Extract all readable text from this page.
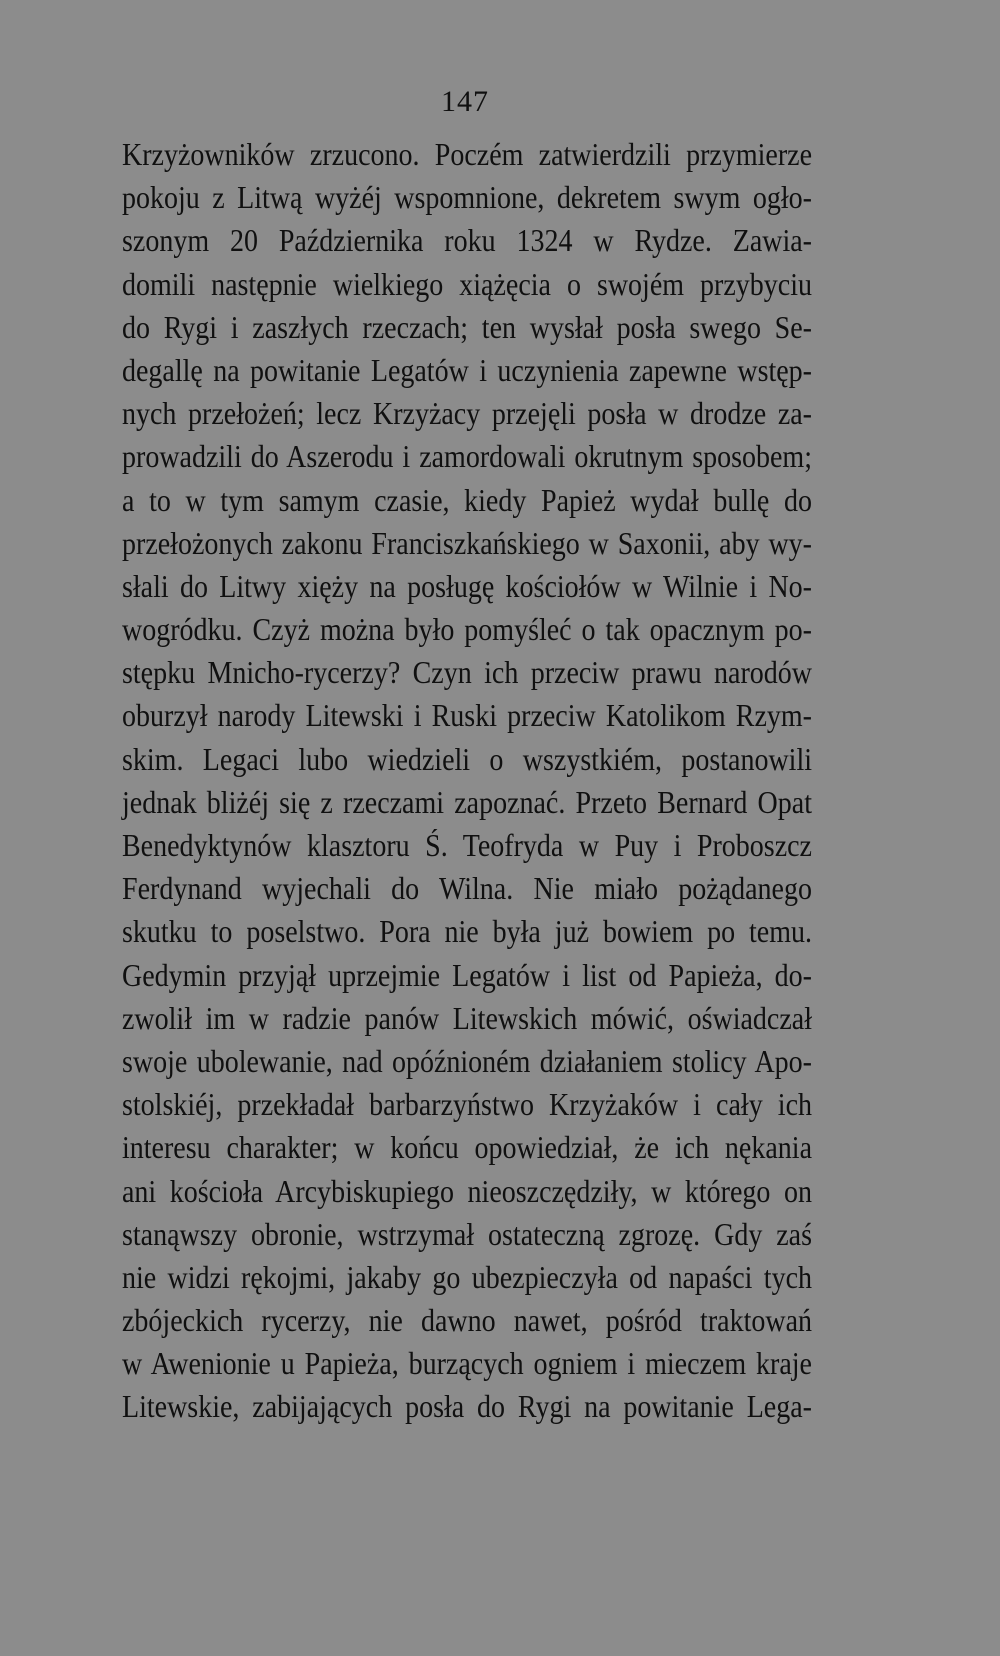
147
Krzyżowników zrzucono. Poczém zatwierdzili przymierze
pokoju z Litwą wyżéj wspomnione, dekretem swym ogło-
szonym 20 Października roku 1324 w Rydze. Zawia-
domili następnie wielkiego xiążęcia o swojém przybyciu
do Rygi i zaszłych rzeczach; ten wysłał posła swego Se-
degallę na powitanie Legatów i uczynienia zapewne wstęp-
nych przełożeń; lecz Krzyżacy przejęli posła w drodze za-
prowadzili do Aszerodu i zamordowali okrutnym sposobem;
a to w tym samym czasie, kiedy Papież wydał bullę do
przełożonych zakonu Franciszkańskiego w Saxonii, aby wy-
słali do Litwy xięży na posługę kościołów w Wilnie i No-
wogródku. Czyż można było pomyśleć o tak opacznym po-
stępku Mnicho-rycerzy? Czyn ich przeciw prawu narodów
oburzył narody Litewski i Ruski przeciw Katolikom Rzym-
skim. Legaci lubo wiedzieli o wszystkiém, postanowili
jednak bliżéj się z rzeczami zapoznać. Przeto Bernard Opat
Benedyktynów klasztoru Ś. Teofryda w Puy i Proboszcz
Ferdynand wyjechali do Wilna. Nie miało pożądanego
skutku to poselstwo. Pora nie była już bowiem po temu.
Gedymin przyjął uprzejmie Legatów i list od Papieża, do-
zwolił im w radzie panów Litewskich mówić, oświadczał
swoje ubolewanie, nad opóźnioném działaniem stolicy Apo-
stolskiéj, przekładał barbarzyństwo Krzyżaków i cały ich
interesu charakter; w końcu opowiedział, że ich nękania
ani kościoła Arcybiskupiego nieoszczędziły, w którego on
stanąwszy obronie, wstrzymał ostateczną zgrozę. Gdy zaś
nie widzi rękojmi, jakaby go ubezpieczyła od napaści tych
zbójeckich rycerzy, nie dawno nawet, pośród traktowań
w Awenionie u Papieża, burzących ogniem i mieczem kraje
Litewskie, zabijających posła do Rygi na powitanie Lega-
